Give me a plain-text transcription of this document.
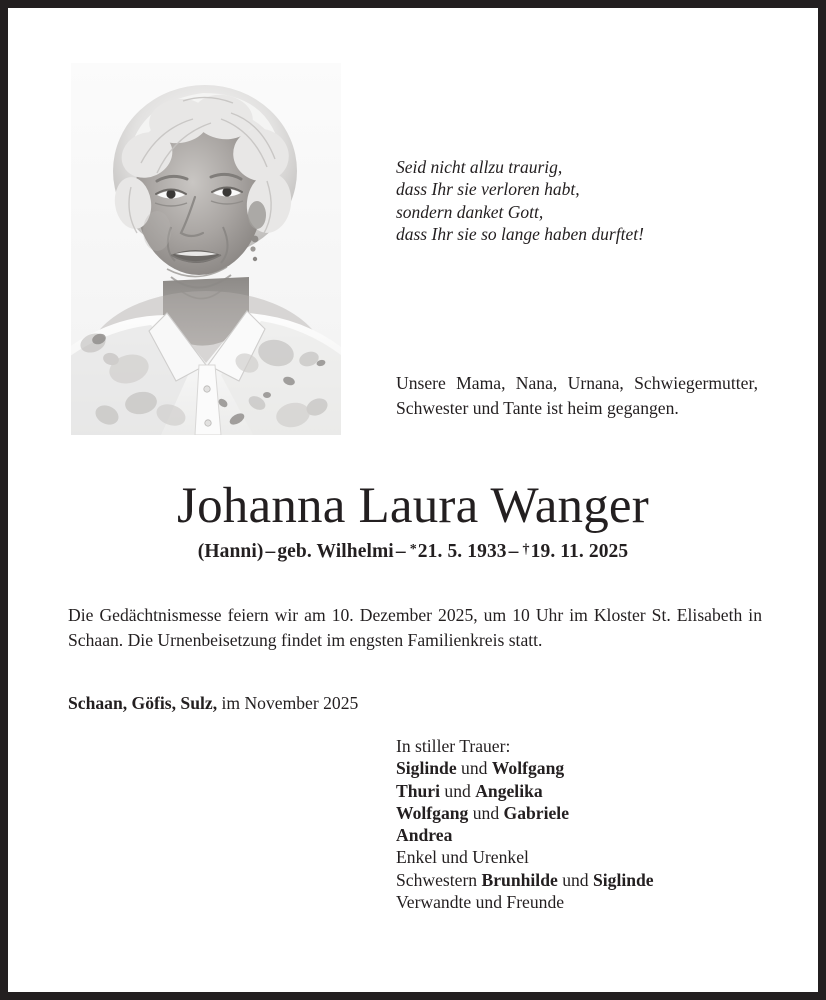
Seid nicht allzu traurig,
dass Ihr sie verloren habt,
sondern danket Gott,
dass Ihr sie so lange haben durftet!
Unsere Mama, Nana, Urnana, Schwiegermutter, Schwester und Tante ist heim gegangen.
Johanna Laura Wanger
(Hanni) – geb. Wilhelmi – *21. 5. 1933 – †19. 11. 2025
Die Gedächtnismesse feiern wir am 10. Dezember 2025, um 10 Uhr im Kloster St. Elisabeth in Schaan. Die Urnenbeisetzung findet im engsten Familienkreis statt.
Schaan, Göfis, Sulz, im November 2025
In stiller Trauer:
Siglinde und Wolfgang
Thuri und Angelika
Wolfgang und Gabriele
Andrea
Enkel und Urenkel
Schwestern Brunhilde und Siglinde
Verwandte und Freunde
